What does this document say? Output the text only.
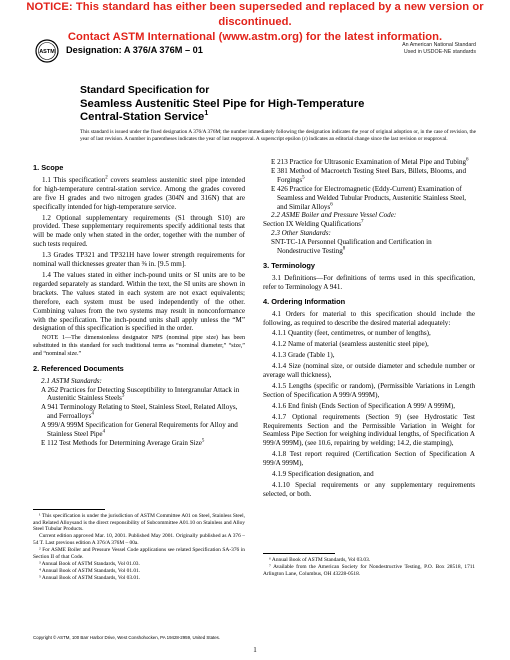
NOTICE: This standard has either been superseded and replaced by a new version or discontinued.
Contact ASTM International (www.astm.org) for the latest information.
ASTM Designation: A 376/A 376M – 01	An American National Standard
Used in USDOE-NE standards
Standard Specification for
Seamless Austenitic Steel Pipe for High-Temperature
Central-Station Service$^1$
This standard is issued under the fixed designation A 376/A 376M; the number immediately following the designation indicates the year of original adoption or, in the case of revision, the year of last revision. A number in parentheses indicates the year of last reapproval. A superscript epsilon (ε) indicates an editorial change since the last revision or reapproval.
1. Scope

1.1 This specification$^2$ covers seamless austenitic steel pipe intended for high-temperature central-station service. Among the grades covered are five H grades and two nitrogen grades (304N and 316N) that are specifically intended for high-temperature service.

1.2 Optional supplementary requirements (S1 through S10) are provided. These supplementary requirements specify additional tests that will be made only when stated in the order, together with the number of such tests required.

1.3 Grades TP321 and TP321H have lower strength requirements for nominal wall thicknesses greater than ⅜ in. [9.5 mm].

1.4 The values stated in either inch-pound units or SI units are to be regarded separately as standard. Within the text, the SI units are shown in brackets. The values stated in each system are not exact equivalents; therefore, each system must be used independently of the other. Combining values from the two systems may result in nonconformance with the specification. The inch-pound units shall apply unless the “M” designation of this specification is specified in the order.

NOTE 1—The dimensionless designator NPS (nominal pipe size) has been substituted in this standard for such traditional terms as “nominal diameter,” “size,” and “nominal size.”

2. Referenced Documents

2.1 ASTM Standards:

A 262 Practices for Detecting Susceptibility to Intergranular Attack in Austenitic Stainless Steels$^3$

A 941 Terminology Relating to Steel, Stainless Steel, Related Alloys, and Ferroalloys$^4$

A 999/A 999M Specification for General Requirements for Alloy and Stainless Steel Pipe$^4$

E 112 Test Methods for Determining Average Grain Size$^5$

¹ This specification is under the jurisdiction of ASTM Committee A01 on Steel, Stainless Steel, and Related Alloysand is the direct responsibility of Subcommittee A01.10 on Stainless and Alloy Steel Tubular Products.

Current edition approved Mar. 10, 2001. Published May 2001. Originally published as A 376 – 54 T. Last previous edition A 376/A 376M – 00a.

² For ASME Boiler and Pressure Vessel Code applications see related Specification SA-376 in Section II of that Code.

³ Annual Book of ASTM Standards, Vol 01.03.

⁴ Annual Book of ASTM Standards, Vol 01.01.

⁵ Annual Book of ASTM Standards, Vol 03.01.

E 213 Practice for Ultrasonic Examination of Metal Pipe and Tubing$^6$

E 381 Method of Macroetch Testing Steel Bars, Billets, Blooms, and Forgings$^5$

E 426 Practice for Electromagnetic (Eddy-Current) Examination of Seamless and Welded Tubular Products, Austenitic Stainless Steel, and Similar Alloys$^6$

2.2 ASME Boiler and Pressure Vessel Code:

Section IX Welding Qualifications$^7$

2.3 Other Standards:

SNT-TC-1A Personnel Qualification and Certification in Nondestructive Testing$^8$

3. Terminology

3.1 Definitions—For definitions of terms used in this specification, refer to Terminology A 941.

4. Ordering Information

4.1 Orders for material to this specification should include the following, as required to describe the desired material adequately:

4.1.1 Quantity (feet, centimetres, or number of lengths),

4.1.2 Name of material (seamless austenitic steel pipe),

4.1.3 Grade (Table 1),

4.1.4 Size (nominal size, or outside diameter and schedule number or average wall thickness),

4.1.5 Lengths (specific or random), (Permissible Variations in Length Section of Specification A 999/A 999M),

4.1.6 End finish (Ends Section of Specification A 999/ A 999M),

4.1.7 Optional requirements (Section 9) (see Hydrostatic Test Requirements Section and the Permissible Variation in Weight for Seamless Pipe Section for weighing individual lengths, of Specification A 999/A 999M), (see 10.6, repairing by welding; 14.2, die stamping),

4.1.8 Test report required (Certification Section of Specification A 999/A 999M),

4.1.9 Specification designation, and

4.1.10 Special requirements or any supplementary requirements selected, or both.

⁶ Annual Book of ASTM Standards, Vol 03.03.

⁷ Available from the American Society for Nondestructive Testing, P.O. Box 28518, 1711 Arlington Lane, Columbus, OH 43228-0518.

Copyright © ASTM, 100 Barr Harbor Drive, West Conshohocken, PA 19428-2959, United States.
1
